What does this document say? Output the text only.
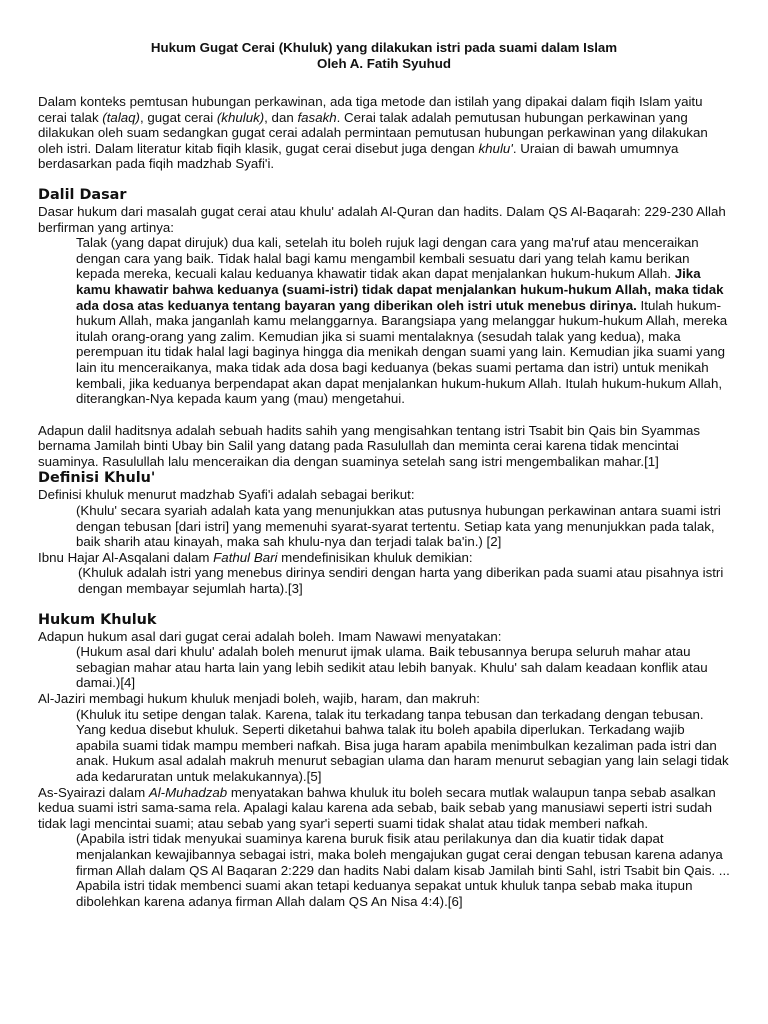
Hukum Gugat Cerai (Khuluk) yang dilakukan istri pada suami dalam Islam

Oleh A. Fatih Syuhud

Dalam konteks pemtusan hubungan perkawinan, ada tiga metode dan istilah yang dipakai dalam fiqih Islam yaitu cerai talak (talaq), gugat cerai (khuluk), dan fasakh. Cerai talak adalah pemutusan hubungan perkawinan yang dilakukan oleh suam sedangkan gugat cerai adalah permintaan pemutusan hubungan perkawinan yang dilakukan oleh istri. Dalam literatur kitab fiqih klasik, gugat cerai disebut juga dengan khulu'. Uraian di bawah umumnya berdasarkan pada fiqih madzhab Syafi'i.

Dalil Dasar

Dasar hukum dari masalah gugat cerai atau khulu' adalah Al-Quran dan hadits. Dalam QS Al-Baqarah: 229-230 Allah berfirman yang artinya:

Talak (yang dapat dirujuk) dua kali, setelah itu boleh rujuk lagi dengan cara yang ma'ruf atau menceraikan dengan cara yang baik. Tidak halal bagi kamu mengambil kembali sesuatu dari yang telah kamu berikan kepada mereka, kecuali kalau keduanya khawatir tidak akan dapat menjalankan hukum-hukum Allah. Jika kamu khawatir bahwa keduanya (suami-istri) tidak dapat menjalankan hukum-hukum Allah, maka tidak ada dosa atas keduanya tentang bayaran yang diberikan oleh istri utuk menebus dirinya. Itulah hukum-hukum Allah, maka janganlah kamu melanggarnya. Barangsiapa yang melanggar hukum-hukum Allah, mereka itulah orang-orang yang zalim. Kemudian jika si suami mentalaknya (sesudah talak yang kedua), maka perempuan itu tidak halal lagi baginya hingga dia menikah dengan suami yang lain. Kemudian jika suami yang lain itu menceraikanya, maka tidak ada dosa bagi keduanya (bekas suami pertama dan istri) untuk menikah kembali, jika keduanya berpendapat akan dapat menjalankan hukum-hukum Allah. Itulah hukum-hukum Allah, diterangkan-Nya kepada kaum yang (mau) mengetahui.

Adapun dalil haditsnya adalah sebuah hadits sahih yang mengisahkan tentang istri Tsabit bin Qais bin Syammas bernama Jamilah binti Ubay bin Salil yang datang pada Rasulullah dan meminta cerai karena tidak mencintai suaminya. Rasulullah lalu menceraikan dia dengan suaminya setelah sang istri mengembalikan mahar.[1]

Definisi Khulu'

Definisi khuluk menurut madzhab Syafi'i adalah sebagai berikut:

(Khulu' secara syariah adalah kata yang menunjukkan atas putusnya hubungan perkawinan antara suami istri dengan tebusan [dari istri] yang memenuhi syarat-syarat tertentu. Setiap kata yang menunjukkan pada talak, baik sharih atau kinayah, maka sah khulu-nya dan terjadi talak ba'in.) [2]

Ibnu Hajar Al-Asqalani dalam Fathul Bari mendefinisikan khuluk demikian:

(Khuluk adalah istri yang menebus dirinya sendiri dengan harta yang diberikan pada suami atau pisahnya istri dengan membayar sejumlah harta).[3]

Hukum Khuluk

Adapun hukum asal dari gugat cerai adalah boleh. Imam Nawawi menyatakan:

(Hukum asal dari khulu' adalah boleh menurut ijmak ulama. Baik tebusannya berupa seluruh mahar atau sebagian mahar atau harta lain yang lebih sedikit atau lebih banyak. Khulu' sah dalam keadaan konflik atau damai.)[4]

Al-Jaziri membagi hukum khuluk menjadi boleh, wajib, haram, dan makruh:

(Khuluk itu setipe dengan talak. Karena, talak itu terkadang tanpa tebusan dan terkadang dengan tebusan. Yang kedua disebut khuluk. Seperti diketahui bahwa talak itu boleh apabila diperlukan. Terkadang wajib apabila suami tidak mampu memberi nafkah. Bisa juga haram apabila menimbulkan kezaliman pada istri dan anak. Hukum asal adalah makruh menurut sebagian ulama dan haram menurut sebagian yang lain selagi tidak ada kedaruratan untuk melakukannya).[5]

As-Syairazi dalam Al-Muhadzab menyatakan bahwa khuluk itu boleh secara mutlak walaupun tanpa sebab asalkan kedua suami istri sama-sama rela. Apalagi kalau karena ada sebab, baik sebab yang manusiawi seperti istri sudah tidak lagi mencintai suami; atau sebab yang syar'i seperti suami tidak shalat atau tidak memberi nafkah.

(Apabila istri tidak menyukai suaminya karena buruk fisik atau perilakunya dan dia kuatir tidak dapat menjalankan kewajibannya sebagai istri, maka boleh mengajukan gugat cerai dengan tebusan karena adanya firman Allah dalam QS Al Baqaran 2:229 dan hadits Nabi dalam kisab Jamilah binti Sahl, istri Tsabit bin Qais. ... Apabila istri tidak membenci suami akan tetapi keduanya sepakat untuk khuluk tanpa sebab maka itupun dibolehkan karena adanya firman Allah dalam QS An Nisa 4:4).[6]
